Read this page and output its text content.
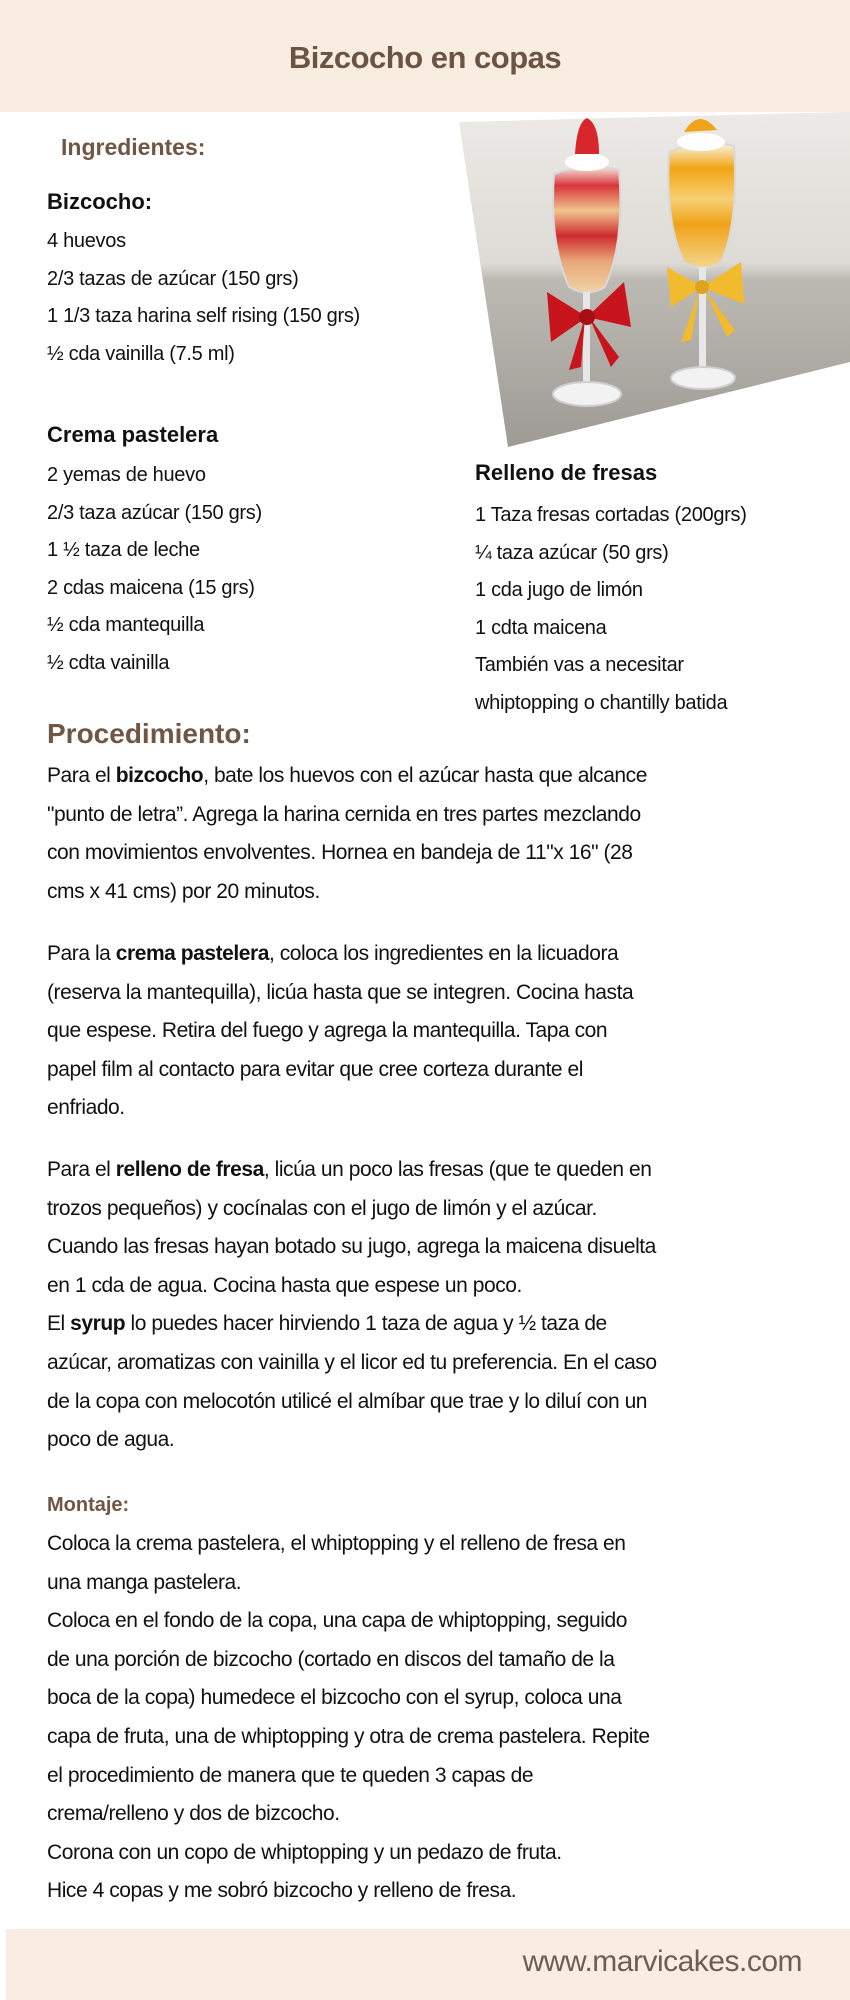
Bizcocho en copas
Ingredientes:
Bizcocho:
4 huevos
2/3 tazas de azúcar (150 grs)
1 1/3 taza harina self rising (150 grs)
½ cda vainilla (7.5 ml)
Crema pastelera
2 yemas de huevo
2/3 taza azúcar (150 grs)
1 ½ taza de leche
2 cdas maicena (15 grs)
½ cda mantequilla
½ cdta vainilla
Relleno de fresas
1 Taza fresas cortadas (200grs)
¼ taza azúcar (50 grs)
1 cda jugo de limón
1 cdta maicena
También vas a necesitar
whiptopping o chantilly batida
Procedimiento:
Para el bizcocho, bate los huevos con el azúcar hasta que alcance
"punto de letra”. Agrega la harina cernida en tres partes mezclando
con movimientos envolventes. Hornea en bandeja de 11"x 16" (28
cms x 41 cms) por 20 minutos.
Para la crema pastelera, coloca los ingredientes en la licuadora
(reserva la mantequilla), licúa hasta que se integren. Cocina hasta
que espese. Retira del fuego y agrega la mantequilla. Tapa con
papel film al contacto para evitar que cree corteza durante el
enfriado.
Para el relleno de fresa, licúa un poco las fresas (que te queden en
trozos pequeños) y cocínalas con el jugo de limón y el azúcar.
Cuando las fresas hayan botado su jugo, agrega la maicena disuelta
en 1 cda de agua. Cocina hasta que espese un poco.
El syrup lo puedes hacer hirviendo 1 taza de agua y ½ taza de
azúcar, aromatizas con vainilla y el licor ed tu preferencia. En el caso
de la copa con melocotón utilicé el almíbar que trae y lo diluí con un
poco de agua.
Montaje:
Coloca la crema pastelera, el whiptopping y el relleno de fresa en
una manga pastelera.
Coloca en el fondo de la copa, una capa de whiptopping, seguido
de una porción de bizcocho (cortado en discos del tamaño de la
boca de la copa) humedece el bizcocho con el syrup, coloca una
capa de fruta, una de whiptopping y otra de crema pastelera. Repite
el procedimiento de manera que te queden 3 capas de
crema/relleno y dos de bizcocho.
Corona con un copo de whiptopping y un pedazo de fruta.
Hice 4 copas y me sobró bizcocho y relleno de fresa.
www.marvicakes.com
